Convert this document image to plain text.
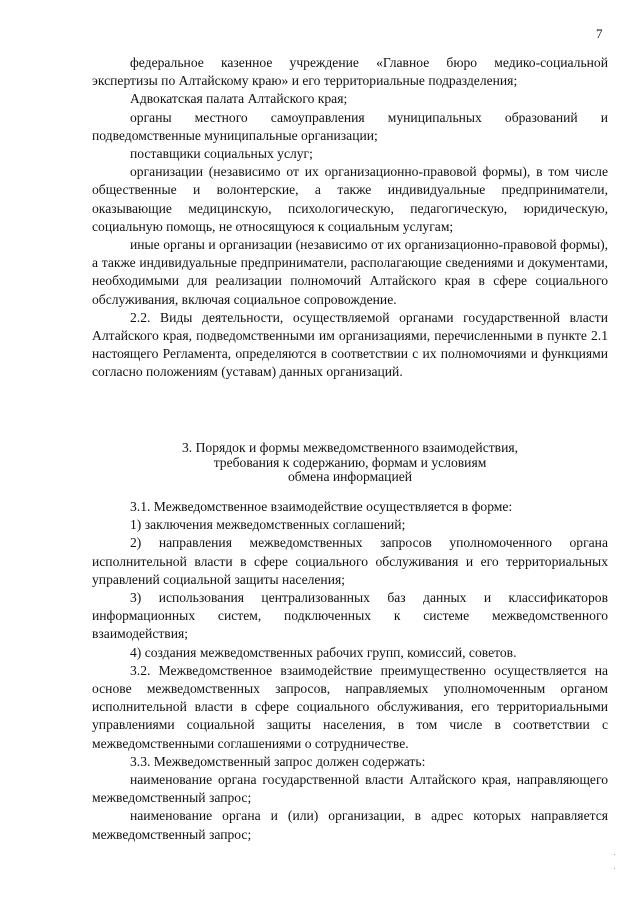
7

федеральное казенное учреждение «Главное бюро медико-социальной экспертизы по Алтайскому краю» и его территориальные подразделения;

Адвокатская палата Алтайского края;

органы местного самоуправления муниципальных образований и подведомственные муниципальные организации;

поставщики социальных услуг;

организации (независимо от их организационно-правовой формы), в том числе общественные и волонтерские, а также индивидуальные предприниматели, оказывающие медицинскую, психологическую, педагогическую, юридическую, социальную помощь, не относящуюся к социальным услугам;

иные органы и организации (независимо от их организационно-правовой формы), а также индивидуальные предприниматели, располагающие сведениями и документами, необходимыми для реализации полномочий Алтайского края в сфере социального обслуживания, включая социальное сопровождение.

2.2. Виды деятельности, осуществляемой органами государственной власти Алтайского края, подведомственными им организациями, перечисленными в пункте 2.1 настоящего Регламента, определяются в соответствии с их полномочиями и функциями согласно положениям (уставам) данных организаций.

3. Порядок и формы межведомственного взаимодействия,
требования к содержанию, формам и условиям
обмена информацией

3.1. Межведомственное взаимодействие осуществляется в форме:

1) заключения межведомственных соглашений;

2) направления межведомственных запросов уполномоченного органа исполнительной власти в сфере социального обслуживания и его территориальных управлений социальной защиты населения;

3) использования централизованных баз данных и классификаторов информационных систем, подключенных к системе межведомственного взаимодействия;

4) создания межведомственных рабочих групп, комиссий, советов.

3.2. Межведомственное взаимодействие преимущественно осуществляется на основе межведомственных запросов, направляемых уполномоченным органом исполнительной власти в сфере социального обслуживания, его территориальными управлениями социальной защиты населения, в том числе в соответствии с межведомственными соглашениями о сотрудничестве.

3.3. Межведомственный запрос должен содержать:

наименование органа государственной власти Алтайского края, направляющего межведомственный запрос;

наименование органа и (или) организации, в адрес которых направляется межведомственный запрос;
